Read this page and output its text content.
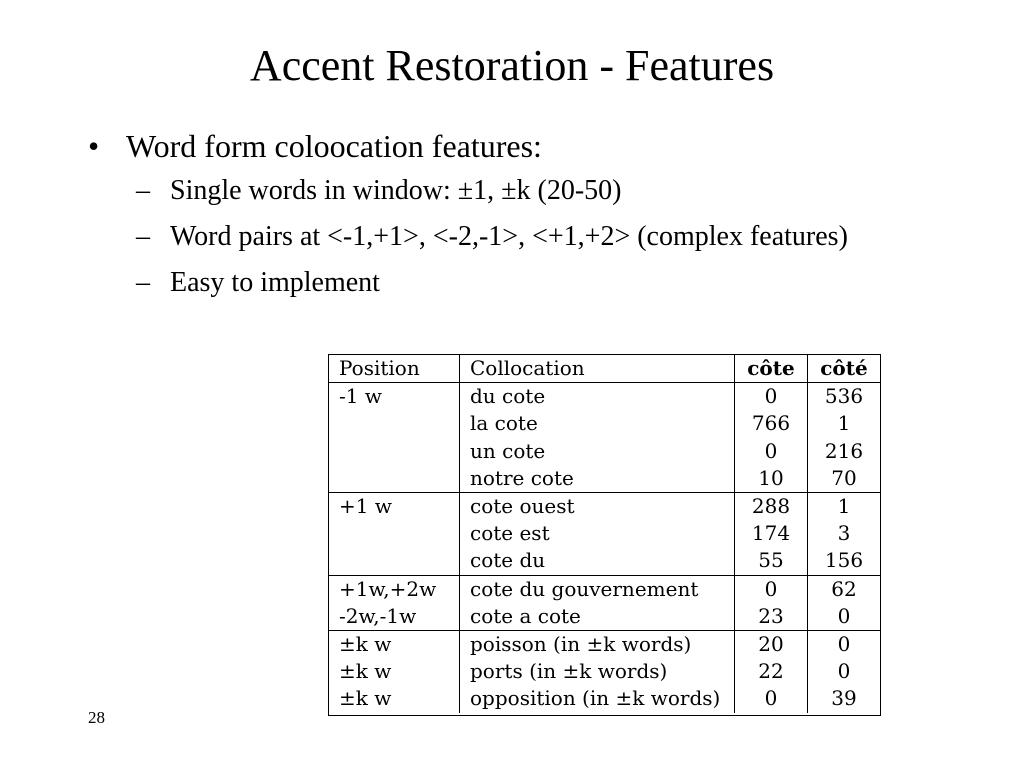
Accent Restoration - Features
• Word form coloocation features:
– Single words in window: ±1, ±k (20-50)
– Word pairs at <-1,+1>, <-2,-1>, <+1,+2> (complex features)
– Easy to implement
Position	Collocation	côte	côté
-1 w	du cote	0	536
	la cote	766	1
	un cote	0	216
	notre cote	10	70
+1 w	cote ouest	288	1
	cote est	174	3
	cote du	55	156
+1w,+2w	cote du gouvernement	0	62
-2w,-1w	cote a cote	23	0
±k w	poisson (in ±k words)	20	0
±k w	ports (in ±k words)	22	0
±k w	opposition (in ±k words)	0	39
28
